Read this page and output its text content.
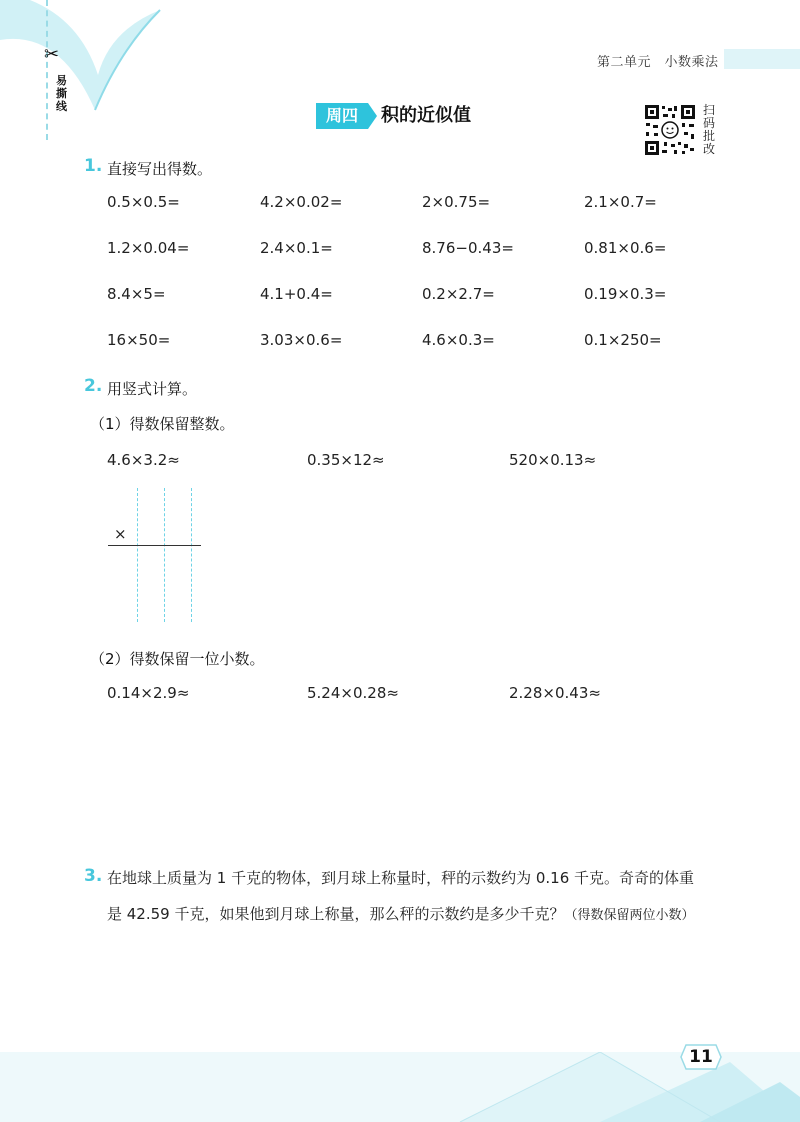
✂
易撕线
第二单元　小数乘法
周四	积的近似值	扫码批改
1. 直接写出得数。
0.5×0.5=	4.2×0.02=	2×0.75=	2.1×0.7=
1.2×0.04=	2.4×0.1=	8.76−0.43=	0.81×0.6=
8.4×5=	4.1+0.4=	0.2×2.7=	0.19×0.3=
16×50=	3.03×0.6=	4.6×0.3=	0.1×250=
2. 用竖式计算。
（1）得数保留整数。
4.6×3.2≈	0.35×12≈	520×0.13≈
×
（2）得数保留一位小数。
0.14×2.9≈	5.24×0.28≈	2.28×0.43≈
3. 在地球上质量为 1 千克的物体，到月球上称量时，秤的示数约为 0.16 千克。奇奇的体重
是 42.59 千克，如果他到月球上称量，那么秤的示数约是多少千克？（得数保留两位小数）
11
